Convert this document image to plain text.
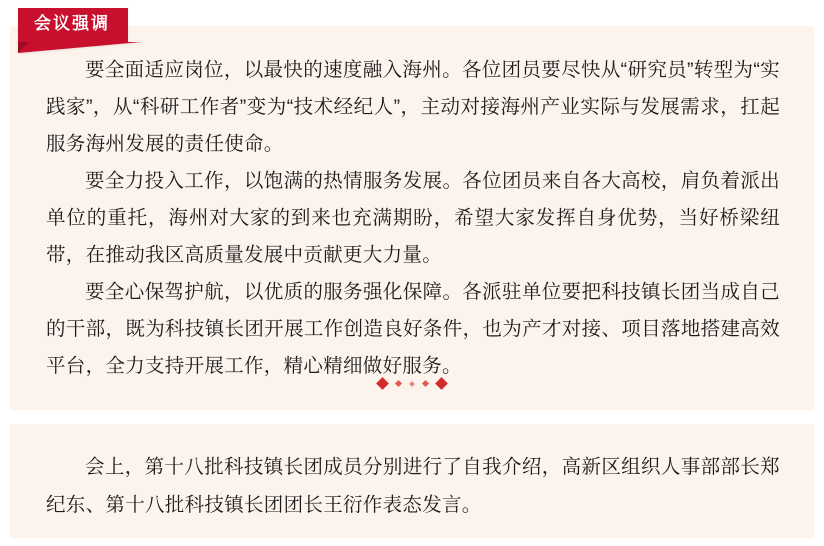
要全面适应岗位，以最快的速度融入海州。各位团员要尽快从“研究员”转型为“实践家”，从“科研工作者”变为“技术经纪人”，主动对接海州产业实际与发展需求，扛起服务海州发展的责任使命。

要全力投入工作，以饱满的热情服务发展。各位团员来自各大高校，肩负着派出单位的重托，海州对大家的到来也充满期盼，希望大家发挥自身优势，当好桥梁纽带，在推动我区高质量发展中贡献更大力量。

要全心保驾护航，以优质的服务强化保障。各派驻单位要把科技镇长团当成自己的干部，既为科技镇长团开展工作创造良好条件，也为产才对接、项目落地搭建高效平台，全力支持开展工作，精心精细做好服务。

会议强调

会上，第十八批科技镇长团成员分别进行了自我介绍，高新区组织人事部部长郑纪东、第十八批科技镇长团团长王衍作表态发言。
